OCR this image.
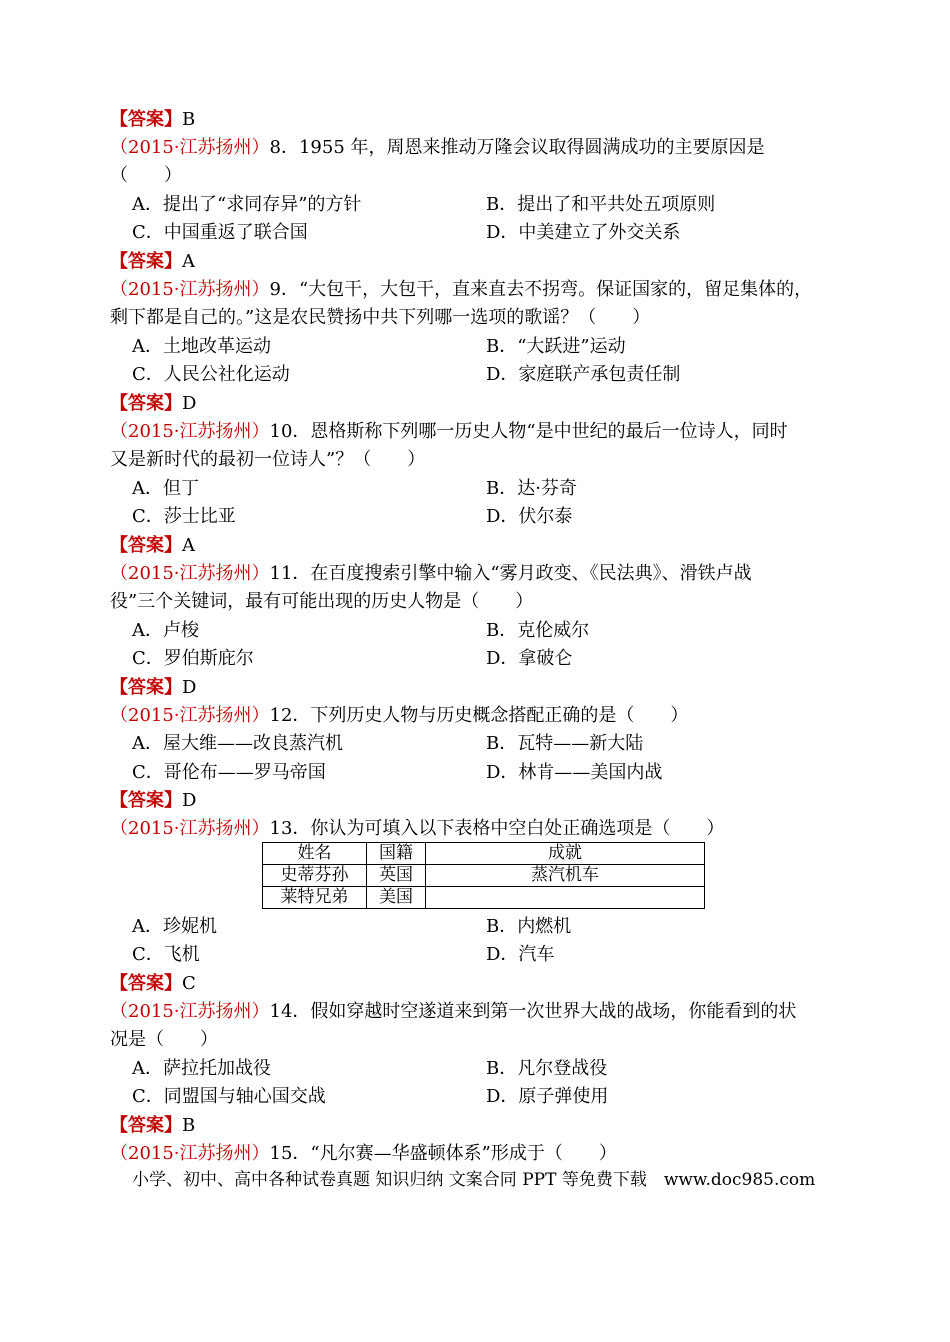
【答案】B
（2015·江苏扬州）8．1955 年，周恩来推动万隆会议取得圆满成功的主要原因是
（　　）
A．提出了“求同存异”的方针	B．提出了和平共处五项原则
C．中国重返了联合国	D．中美建立了外交关系
【答案】A
（2015·江苏扬州）9．“大包干，大包干，直来直去不拐弯。保证国家的，留足集体的，
剩下都是自己的。”这是农民赞扬中共下列哪一选项的歌谣？（　　）
A．土地改革运动	B．“大跃进”运动
C．人民公社化运动	D．家庭联产承包责任制
【答案】D
（2015·江苏扬州）10．恩格斯称下列哪一历史人物“是中世纪的最后一位诗人，同时
又是新时代的最初一位诗人”？（　　）
A．但丁	B．达·芬奇
C．莎士比亚	D．伏尔泰
【答案】A
（2015·江苏扬州）11．在百度搜索引擎中输入“雾月政变、《民法典》、滑铁卢战
役”三个关键词，最有可能出现的历史人物是（　　）
A．卢梭	B．克伦威尔
C．罗伯斯庇尔	D．拿破仑
【答案】D
（2015·江苏扬州）12．下列历史人物与历史概念搭配正确的是（　　）
A．屋大维——改良蒸汽机	B．瓦特——新大陆
C．哥伦布——罗马帝国	D．林肯——美国内战
【答案】D
（2015·江苏扬州）13．你认为可填入以下表格中空白处正确选项是（　　）
姓名	国籍	成就
史蒂芬孙	英国	蒸汽机车
莱特兄弟	美国	
A．珍妮机	B．内燃机
C．飞机	D．汽车
【答案】C
（2015·江苏扬州）14．假如穿越时空遂道来到第一次世界大战的战场，你能看到的状
况是（　　）
A．萨拉托加战役	B．凡尔登战役
C．同盟国与轴心国交战	D．原子弹使用
【答案】B
（2015·江苏扬州）15．“凡尔赛—华盛顿体系”形成于（　　）
小学、初中、高中各种试卷真题 知识归纳 文案合同 PPT 等免费下载　www.doc985.com
